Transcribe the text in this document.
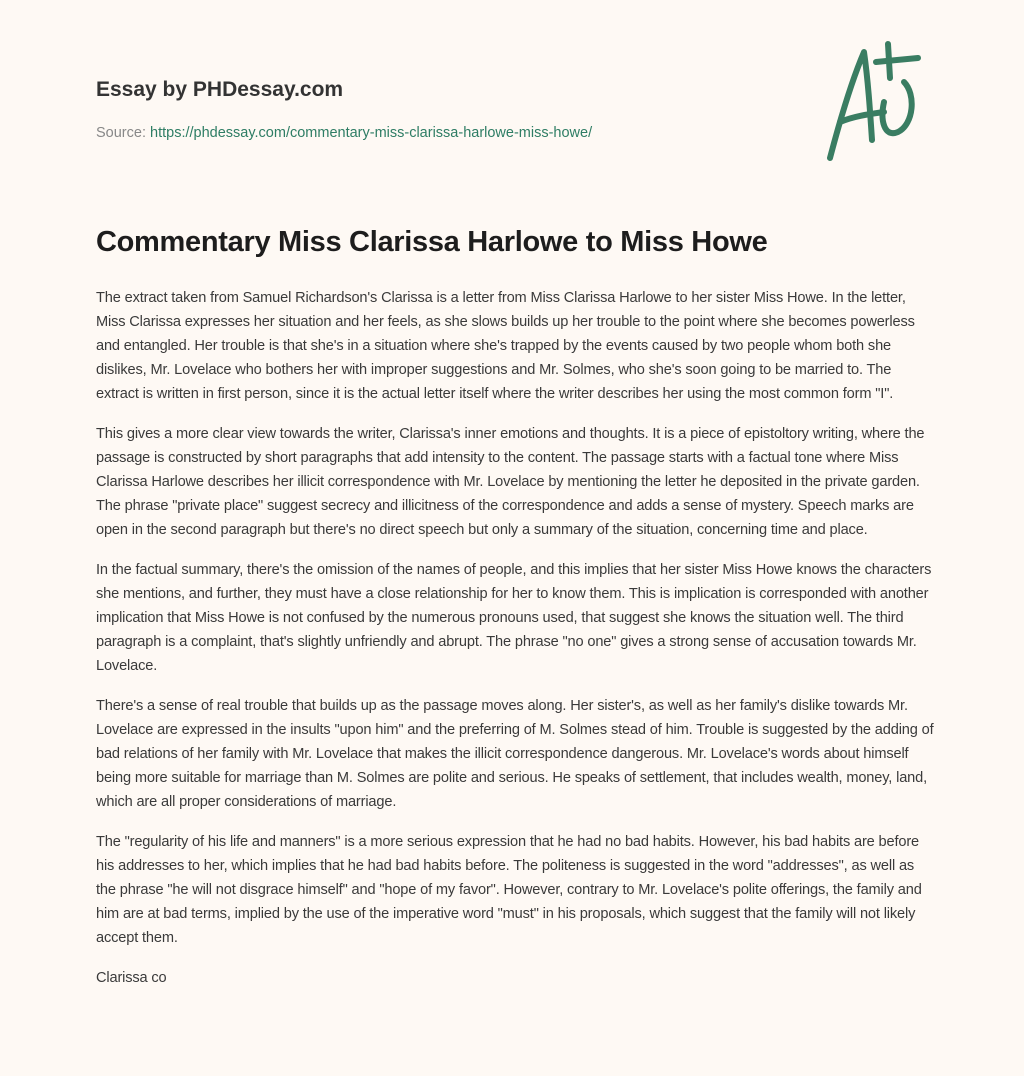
Essay by PHDessay.com
Source: https://phdessay.com/commentary-miss-clarissa-harlowe-miss-howe/
Commentary Miss Clarissa Harlowe to Miss Howe

The extract taken from Samuel Richardson's Clarissa is a letter from Miss Clarissa Harlowe to her sister Miss Howe. In the letter, Miss Clarissa expresses her situation and her feels, as she slows builds up her trouble to the point where she becomes powerless and entangled. Her trouble is that she's in a situation where she's trapped by the events caused by two people whom both she dislikes, Mr. Lovelace who bothers her with improper suggestions and Mr. Solmes, who she's soon going to be married to. The extract is written in first person, since it is the actual letter itself where the writer describes her using the most common form "I".

This gives a more clear view towards the writer, Clarissa's inner emotions and thoughts. It is a piece of epistoltory writing, where the passage is constructed by short paragraphs that add intensity to the content. The passage starts with a factual tone where Miss Clarissa Harlowe describes her illicit correspondence with Mr. Lovelace by mentioning the letter he deposited in the private garden. The phrase "private place" suggest secrecy and illicitness of the correspondence and adds a sense of mystery. Speech marks are open in the second paragraph but there's no direct speech but only a summary of the situation, concerning time and place.

In the factual summary, there's the omission of the names of people, and this implies that her sister Miss Howe knows the characters she mentions, and further, they must have a close relationship for her to know them. This is implication is corresponded with another implication that Miss Howe is not confused by the numerous pronouns used, that suggest she knows the situation well. The third paragraph is a complaint, that's slightly unfriendly and abrupt. The phrase "no one" gives a strong sense of accusation towards Mr. Lovelace.

There's a sense of real trouble that builds up as the passage moves along. Her sister's, as well as her family's dislike towards Mr. Lovelace are expressed in the insults "upon him" and the preferring of M. Solmes stead of him. Trouble is suggested by the adding of bad relations of her family with Mr. Lovelace that makes the illicit correspondence dangerous. Mr. Lovelace's words about himself being more suitable for marriage than M. Solmes are polite and serious. He speaks of settlement, that includes wealth, money, land, which are all proper considerations of marriage.

The "regularity of his life and manners" is a more serious expression that he had no bad habits. However, his bad habits are before his addresses to her, which implies that he had bad habits before. The politeness is suggested in the word "addresses", as well as the phrase "he will not disgrace himself" and "hope of my favor". However, contrary to Mr. Lovelace's polite offerings, the family and him are at bad terms, implied by the use of the imperative word "must" in his proposals, which suggest that the family will not likely accept them.

Clarissa co
